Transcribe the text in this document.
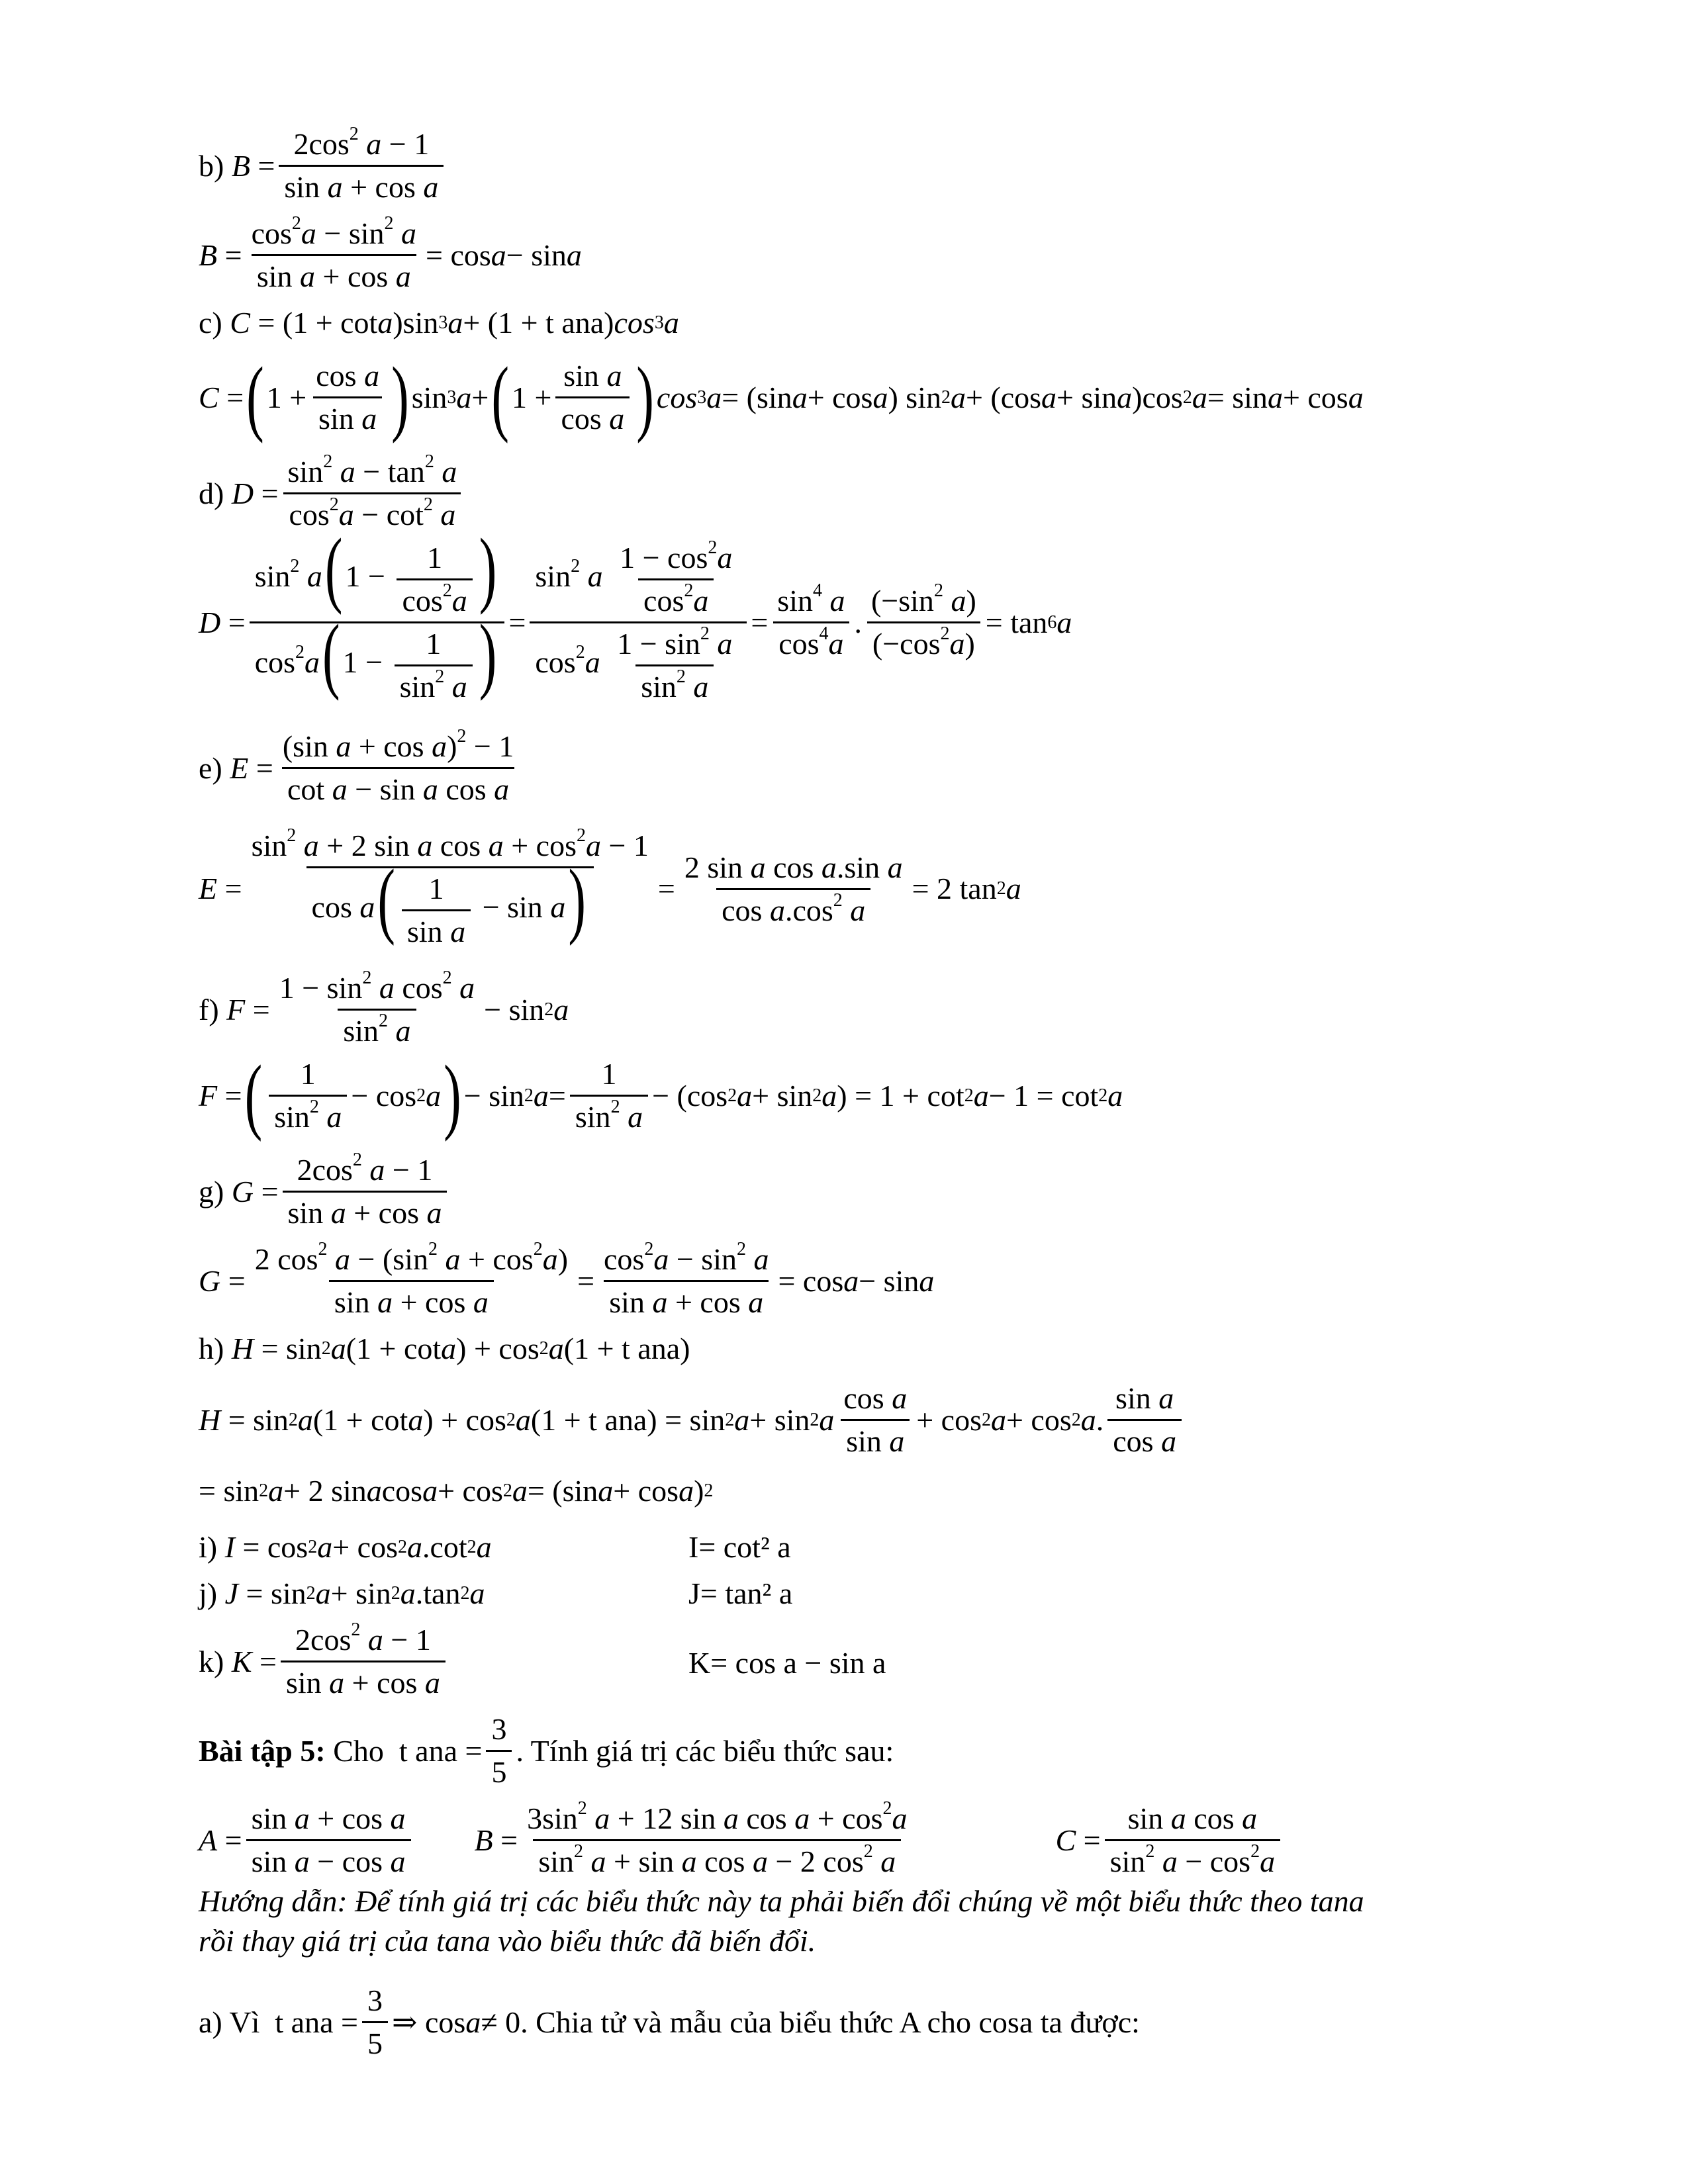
b)
$B = \frac{2\cos^2 a - 1}{\text{sin a + cos a}}$
$B = \frac{\cos^2a - \sin^2 a}{\text{sin a + cos a}} = \cos a - \sin a$
c)
C = (1 + cot a )sin 3 a + (1 + t ana) cos 3 a
C = ( $1 + \frac{\text{cos a}}{\text{sin a}}$ ) sin 3 a + ( $1 + \frac{\text{sin a}}{\text{cos a}}$ ) cos 3 a = (sin a + cos a ) sin 2 a + (cos a + sin a )cos 2 a = sin a + cos a
d)
$D = \frac{\sin^2 a - \tan^2 a}{\cos^2a - \cot^2 a}$
$D = \frac{\sin^2 a(1 - \frac{1}{\cos^2a} )}{\cos^2a(1 - \frac{1}{\sin^2 a} )} = \frac{\sin^2 a \frac{1 - \cos^2a}{\cos^2a}}{\cos^2a \frac{1 - \sin^2 a}{\sin^2 a}} = \frac{\sin^4 a}{\cos^4a}$ . $\frac{(-\sin^2 a)}{(-\cos^2a)} = \tan 6$ a
e)
$E = \frac{(\sin a + \cos a)^2 - 1}{\text{cot a − sin a cos a}}$
$E = \frac{\sin^2 a + 2 \sin a \cos a + \cos^2a - 1}{\cos a( \frac{1}{\text{sin a}} - \sin a)} = \frac{\text{2 sin a cos a.sin a}}{\cos a.\cos^2 a} = 2$ tan 2 a
f)
$F = \frac{1 - \sin^2 a \cos^2 a}{\sin^2 a} - \sin 2$ a
F = ( $\frac{1}{\sin^2 a} - \cos 2$ a ) − sin 2 $a = \frac{1}{\sin^2 a} - (\cos$ 2 a + sin 2 a ) = 1 + cot 2 a − 1 = cot 2 a
g)
$G = \frac{2\cos^2 a - 1}{\text{sin a + cos a}}$
$G = \frac{2 \cos^2 a - (\sin^2 a + \cos^2a)}{\text{sin a + cos a}} = \frac{\cos^2a - \sin^2 a}{\text{sin a + cos a}} = \cos a - \sin a$
h)
H = sin 2 a (1 + cot a ) + cos 2 a (1 + t ana)
H = sin 2 a (1 + cot a ) + cos 2 a (1 + t ana) = sin 2 a + sin 2 a $\frac{\text{cos a}}{\text{sin a}} + \cos 2$ a + cos 2 a . $\frac{\text{sin a}}{\text{cos a}}$
= sin 2 a + 2 sin a cos a + cos 2 a = (sin a + cos a ) 2
i)
I = cos 2 a + cos 2 a .cot 2 a	I= cot² a
j)
J = sin 2 a + sin 2 a .tan 2 a	J= tan² a
k)
$K = \frac{2\cos^2 a - 1}{\text{sin a + cos a}}$	K= cos a − sin a
Bài tập 5:
Cho t ana = $\frac{3}{5}$ . Tính giá trị các biểu thức sau:
$A = \frac{\text{sin a + cos a}}{\text{sin a − cos a}}$ $B = \frac{3\sin^2 a + 12 \sin a \cos a + \cos^2a}{\sin^2 a + \sin a \cos a - 2 \cos^2 a}$	$C = \frac{\text{sin a cos a}}{\sin^2 a - \cos^2a}$
Hướng dẫn: Để tính giá trị các biểu thức này ta phải biến đổi chúng về một biểu thức theo tana
rồi thay giá trị của tana vào biểu thức đã biến đổi.
a) Vì t ana = $\frac{3}{5}$ ⇒ cos a ≠ 0 . Chia tử và mẫu của biểu thức A cho cosa ta được:
